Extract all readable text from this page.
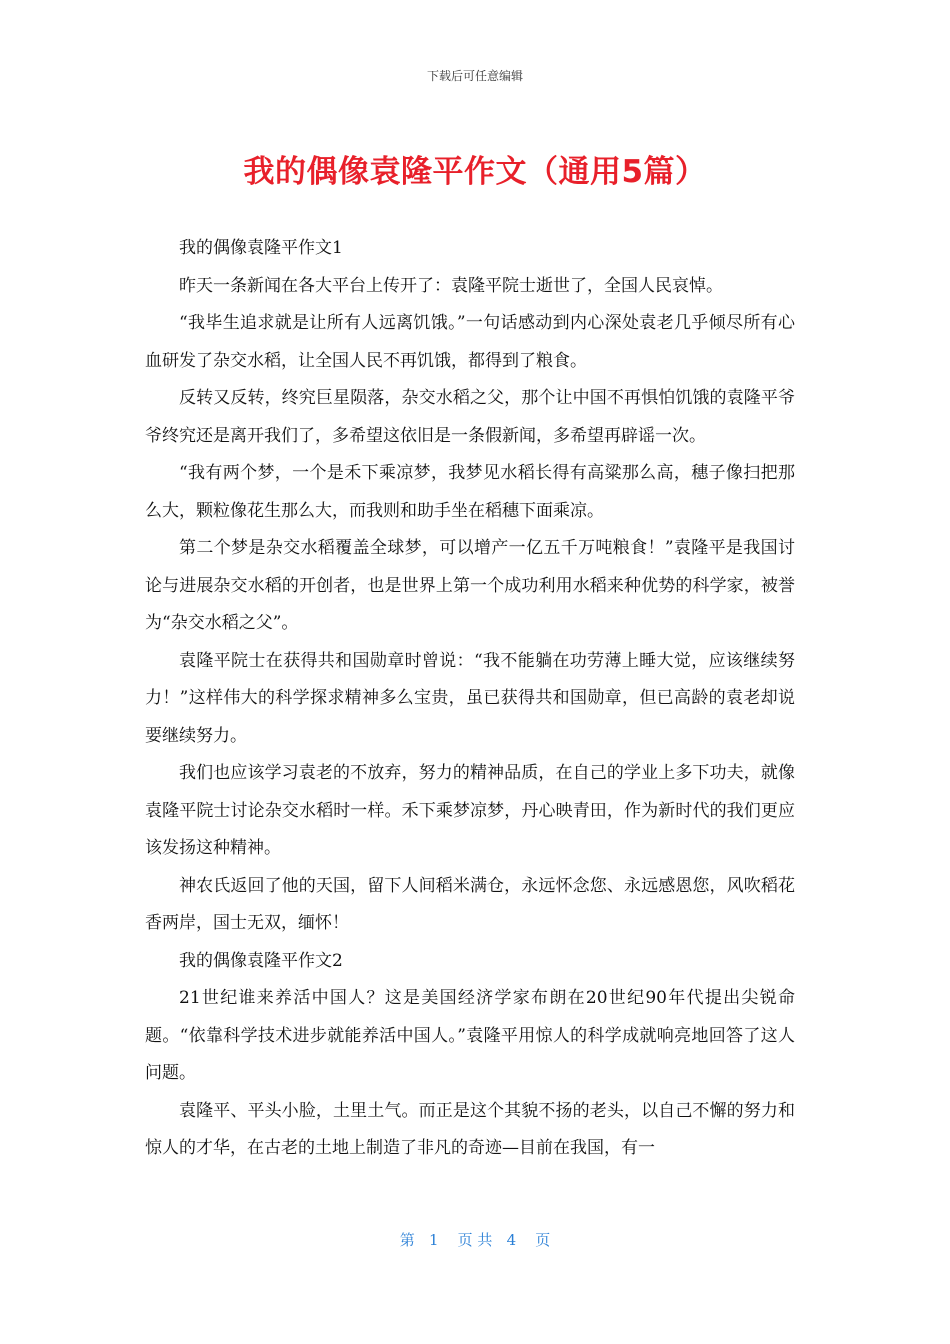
下载后可任意编辑
我的偶像袁隆平作文（通用5篇）

我的偶像袁隆平作文1

昨天一条新闻在各大平台上传开了：袁隆平院士逝世了，全国人民哀悼。

“我毕生追求就是让所有人远离饥饿。”一句话感动到内心深处袁老几乎倾尽所有心血研发了杂交水稻，让全国人民不再饥饿，都得到了粮食。

反转又反转，终究巨星陨落，杂交水稻之父，那个让中国不再惧怕饥饿的袁隆平爷爷终究还是离开我们了，多希望这依旧是一条假新闻，多希望再辟谣一次。

“我有两个梦，一个是禾下乘凉梦，我梦见水稻长得有高粱那么高，穗子像扫把那么大，颗粒像花生那么大，而我则和助手坐在稻穗下面乘凉。

第二个梦是杂交水稻覆盖全球梦，可以增产一亿五千万吨粮食！”袁隆平是我国讨论与进展杂交水稻的开创者，也是世界上第一个成功利用水稻来种优势的科学家，被誉为“杂交水稻之父”。

袁隆平院士在获得共和国勋章时曾说：“我不能躺在功劳薄上睡大觉，应该继续努力！”这样伟大的科学探求精神多么宝贵，虽已获得共和国勋章，但已高龄的袁老却说要继续努力。

我们也应该学习袁老的不放弃，努力的精神品质，在自己的学业上多下功夫，就像袁隆平院士讨论杂交水稻时一样。禾下乘梦凉梦，丹心映青田，作为新时代的我们更应该发扬这种精神。

神农氏返回了他的天国，留下人间稻米满仓，永远怀念您、永远感恩您，风吹稻花香两岸，国士无双，缅怀！

我的偶像袁隆平作文2

21世纪谁来养活中国人？这是美国经济学家布朗在20世纪90年代提出尖锐命题。“依靠科学技术进步就能养活中国人。”袁隆平用惊人的科学成就响亮地回答了这人问题。

袁隆平、平头小脸，土里土气。而正是这个其貌不扬的老头，以自己不懈的努力和惊人的才华，在古老的土地上制造了非凡的奇迹—目前在我国，有一

第   1    页 共   4    页
